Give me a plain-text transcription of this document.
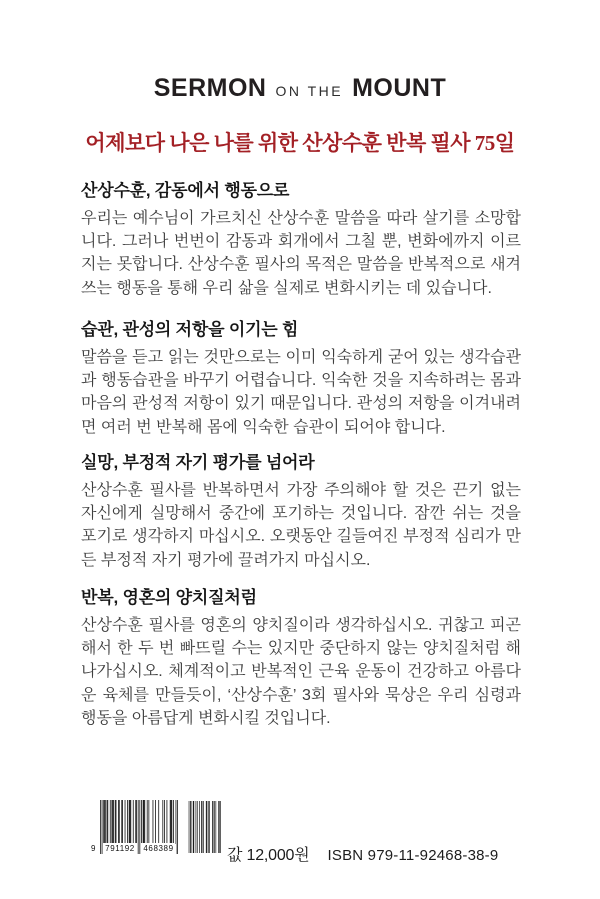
SERMON ON THE MOUNT
어제보다 나은 나를 위한 산상수훈 반복 필사 75일
산상수훈, 감동에서 행동으로

우리는 예수님이 가르치신 산상수훈 말씀을 따라 살기를 소망합니다. 그러나 번번이 감동과 회개에서 그칠 뿐, 변화에까지 이르지는 못합니다. 산상수훈 필사의 목적은 말씀을 반복적으로 새겨 쓰는 행동을 통해 우리 삶을 실제로 변화시키는 데 있습니다.

습관, 관성의 저항을 이기는 힘

말씀을 듣고 읽는 것만으로는 이미 익숙하게 굳어 있는 생각습관과 행동습관을 바꾸기 어렵습니다. 익숙한 것을 지속하려는 몸과 마음의 관성적 저항이 있기 때문입니다. 관성의 저항을 이겨내려면 여러 번 반복해 몸에 익숙한 습관이 되어야 합니다.

실망, 부정적 자기 평가를 넘어라

산상수훈 필사를 반복하면서 가장 주의해야 할 것은 끈기 없는 자신에게 실망해서 중간에 포기하는 것입니다. 잠깐 쉬는 것을 포기로 생각하지 마십시오. 오랫동안 길들여진 부정적 심리가 만든 부정적 자기 평가에 끌려가지 마십시오.

반복, 영혼의 양치질처럼

산상수훈 필사를 영혼의 양치질이라 생각하십시오. 귀찮고 피곤해서 한 두 번 빠뜨릴 수는 있지만 중단하지 않는 양치질처럼 해 나가십시오. 체계적이고 반복적인 근육 운동이 건강하고 아름다운 육체를 만들듯이, ‘산상수훈’ 3회 필사와 묵상은 우리 심령과 행동을 아름답게 변화시킬 것입니다.

9 791192 468389	값 12,000원 ISBN 979-11-92468-38-9
